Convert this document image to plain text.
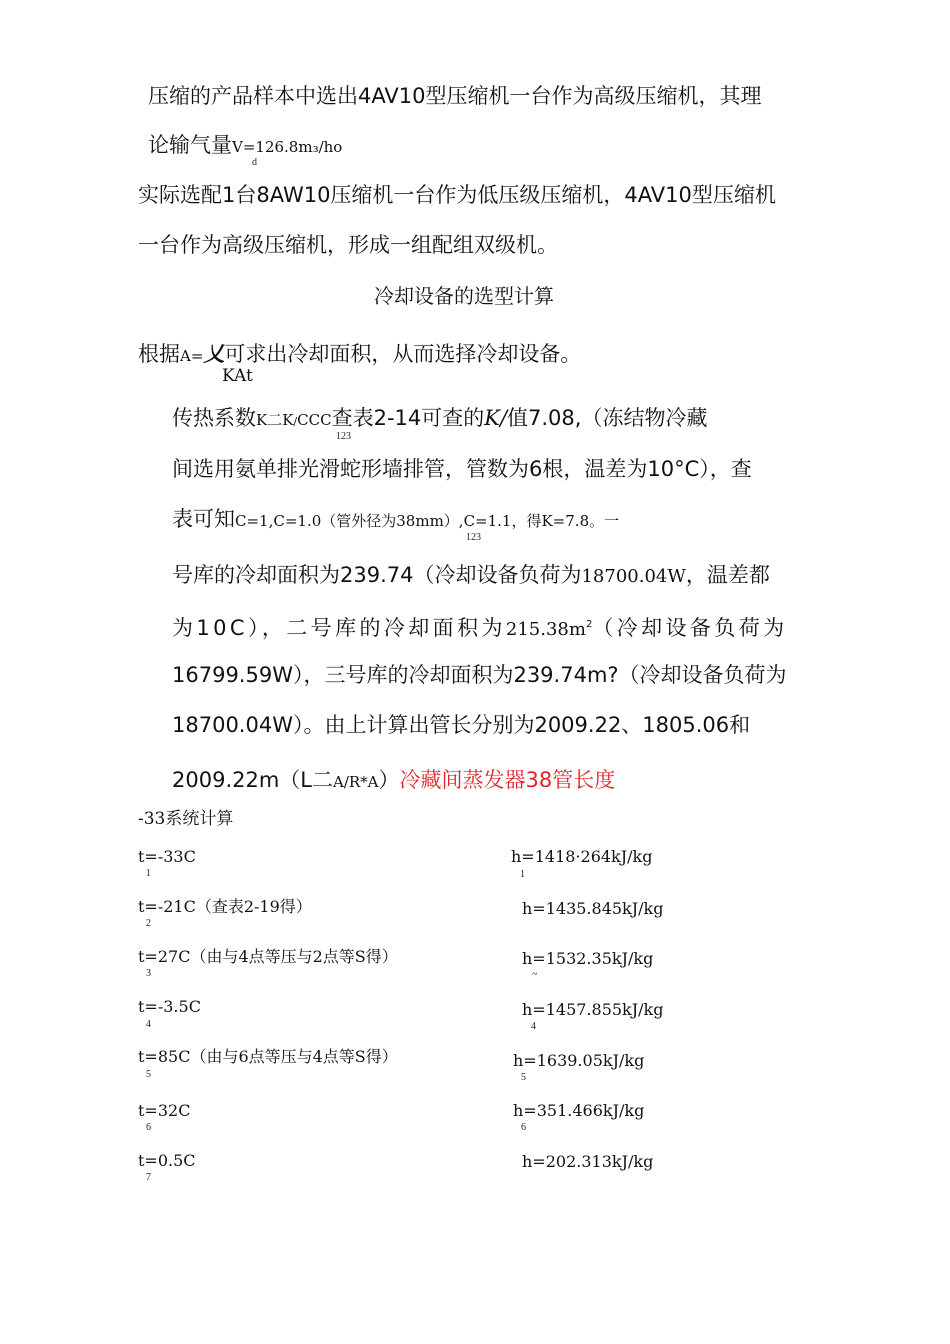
压缩的产品样本中选出4AV10型压缩机一台作为高级压缩机，其理
论输气量V=126.8m₃/ho
d
实际选配1台8AW10压缩机一台作为低压级压缩机，4AV10型压缩机
一台作为高级压缩机，形成一组配组双级机。
冷却设备的选型计算
根据A=乂可求出冷却面积，从而选择冷却设备。
KAt
传热系数K二K/CCC查表2-14可查的K/值7.08,（冻结物冷藏
123
间选用氨单排光滑蛇形墙排管，管数为6根，温差为10°C），查
表可知C=1,C=1.0（管外径为38mm）,C=1.1，得K=7.8。一
123
号库的冷却面积为239.74（冷却设备负荷为18700.04W，温差都
为10C），二号库的冷却面积为$215.38m^2$（冷却设备负荷为
16799.59W），三号库的冷却面积为239.74m?（冷却设备负荷为
18700.04W）。由上计算出管长分别为2009.22、1805.06和
2009.22m（L二A/R*A）冷藏间蒸发器38管长度
-33系统计算
t=-33C
1
t=-21C（查表2-19得）
2
t=27C（由与4点等压与2点等S得）
3
t=-3.5C
4
t=85C（由与6点等压与4点等S得）
5
t=32C
6
t=0.5C
7
h=1418·264kJ/kg
1
h=1435.845kJ/kg
h=1532.35kJ/kg
~
h=1457.855kJ/kg
4
h=1639.05kJ/kg
5
h=351.466kJ/kg
6
h=202.313kJ/kg
